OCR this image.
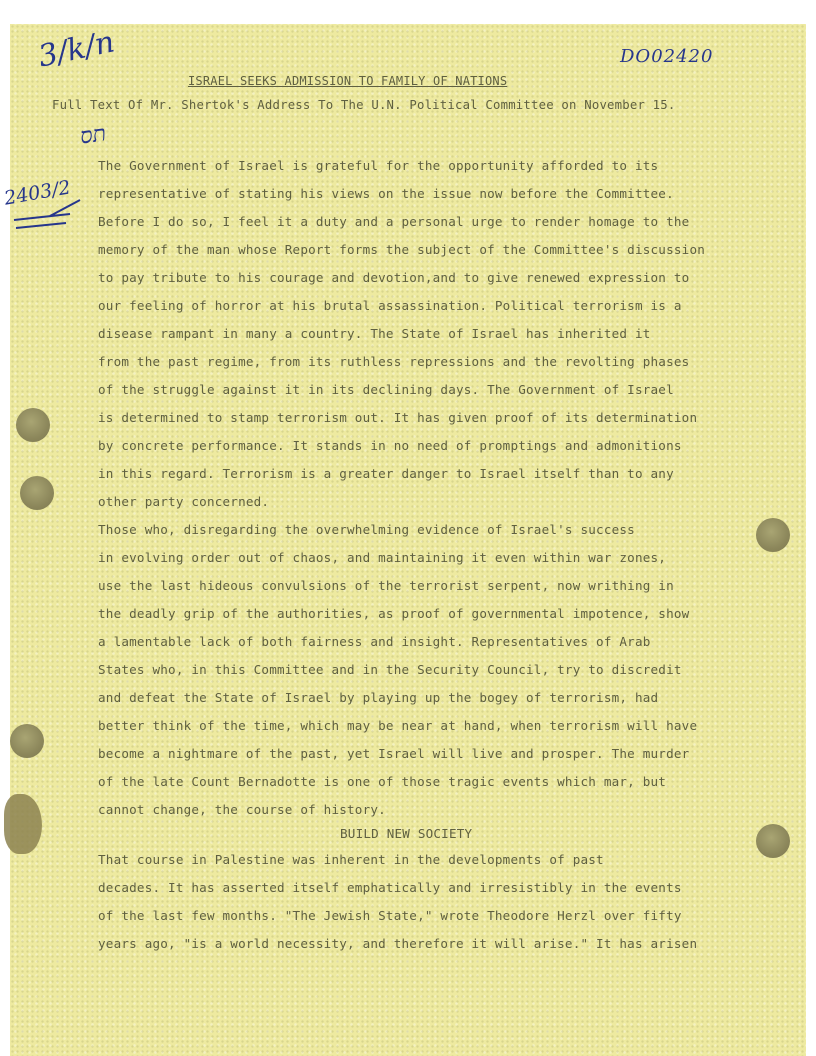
3/k/n	DO02420
תס
2403/2
ISRAEL SEEKS ADMISSION TO FAMILY OF NATIONS
Full Text Of Mr. Shertok's Address To The U.N. Political Committee on November 15.
The Government of Israel is grateful for the opportunity afforded to its
representative of stating his views on the issue now before the Committee.
Before I do so, I feel it a duty and a personal urge to render homage to the
memory of the man whose Report forms the subject of the Committee's discussion
to pay tribute to his courage and devotion,and to give renewed expression to
our feeling of horror at his brutal assassination. Political terrorism is a
disease rampant in many a country. The State of Israel has inherited it
from the past regime, from its ruthless repressions and the revolting phases
of the struggle against it in its declining days. The Government of Israel
is determined to stamp terrorism out. It has given proof of its determination
by concrete performance. It stands in no need of promptings and admonitions
in this regard. Terrorism is a greater danger to Israel itself than to any
other party concerned.
Those who, disregarding the overwhelming evidence of Israel's success
in evolving order out of chaos, and maintaining it even within war zones,
use the last hideous convulsions of the terrorist serpent, now writhing in
the deadly grip of the authorities, as proof of governmental impotence, show
a lamentable lack of both fairness and insight. Representatives of Arab
States who, in this Committee and in the Security Council, try to discredit
and defeat the State of Israel by playing up the bogey of terrorism, had
better think of the time, which may be near at hand, when terrorism will have
become a nightmare of the past, yet Israel will live and prosper. The murder
of the late Count Bernadotte is one of those tragic events which mar, but
cannot change, the course of history.
BUILD NEW SOCIETY
That course in Palestine was inherent in the developments of past
decades. It has asserted itself emphatically and irresistibly in the events
of the last few months. "The Jewish State," wrote Theodore Herzl over fifty
years ago, "is a world necessity, and therefore it will arise." It has arisen
